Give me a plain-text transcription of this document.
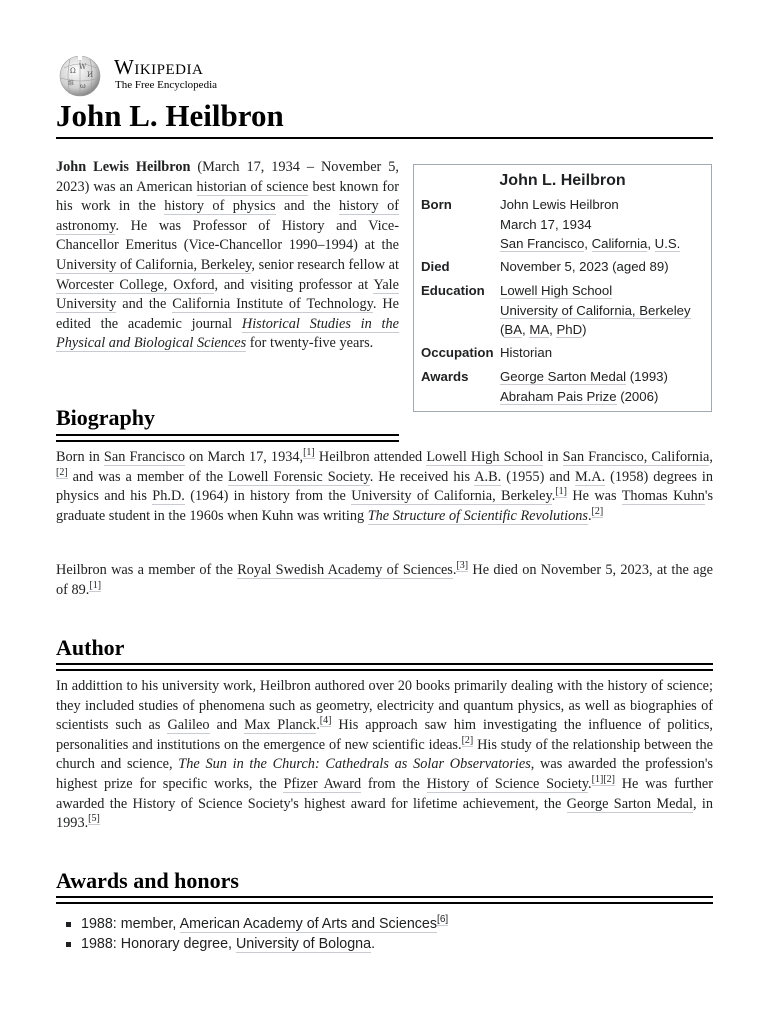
Ω W
И
維 ω
Wikipedia
The Free Encyclopedia
John L. Heilbron

John Lewis Heilbron (March 17, 1934 – November 5, 2023) was an American historian of science best known for his work in the history of physics and the history of astronomy. He was Professor of History and Vice-Chancellor Emeritus (Vice-Chancellor 1990–1994) at the University of California, Berkeley, senior research fellow at Worcester College, Oxford, and visiting professor at Yale University and the California Institute of Technology. He edited the academic journal Historical Studies in the Physical and Biological Sciences for twenty-five years.

John L. Heilbron
Born	John Lewis Heilbron
March 17, 1934
San Francisco, California, U.S.
Died	November 5, 2023 (aged 89)
Education Lowell High School
University of California, Berkeley
(BA, MA, PhD)
Occupation Historian
Awards George Sarton Medal (1993)
Abraham Pais Prize (2006)
Biography

Born in San Francisco on March 17, 1934,[1] Heilbron attended Lowell High School in San Francisco, California,[2] and was a member of the Lowell Forensic Society. He received his A.B. (1955) and M.A. (1958) degrees in physics and his Ph.D. (1964) in history from the University of California, Berkeley.[1] He was Thomas Kuhn's graduate student in the 1960s when Kuhn was writing The Structure of Scientific Revolutions.[2]

Heilbron was a member of the Royal Swedish Academy of Sciences.[3] He died on November 5, 2023, at the age of 89.[1]

Author

In addittion to his university work, Heilbron authored over 20 books primarily dealing with the history of science; they included studies of phenomena such as geometry, electricity and quantum physics, as well as biographies of scientists such as Galileo and Max Planck.[4] His approach saw him investigating the influence of politics, personalities and institutions on the emergence of new scientific ideas.[2] His study of the relationship between the church and science, The Sun in the Church: Cathedrals as Solar Observatories, was awarded the profession's highest prize for specific works, the Pfizer Award from the History of Science Society.[1][2] He was further awarded the History of Science Society's highest award for lifetime achievement, the George Sarton Medal, in 1993.[5]

Awards and honors
1988: member, American Academy of Arts and Sciences[6]
1988: Honorary degree, University of Bologna.
